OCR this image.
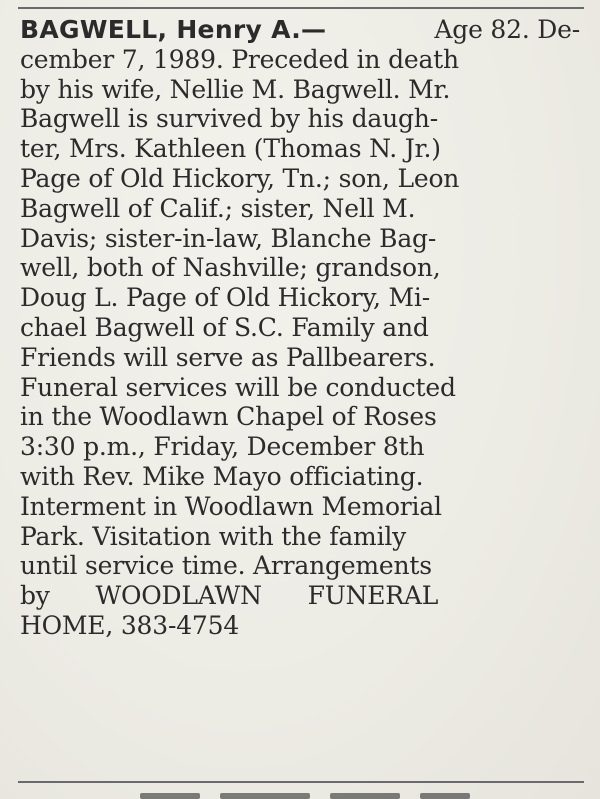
BAGWELL, Henry A.—	Age 82. De-
cember 7, 1989. Preceded in death
by his wife, Nellie M. Bagwell. Mr.
Bagwell is survived by his daugh-
ter, Mrs. Kathleen (Thomas N. Jr.)
Page of Old Hickory, Tn.; son, Leon
Bagwell of Calif.; sister, Nell M.
Davis; sister-in-law, Blanche Bag-
well, both of Nashville; grandson,
Doug L. Page of Old Hickory, Mi-
chael Bagwell of S.C. Family and
Friends will serve as Pallbearers.
Funeral services will be conducted
in the Woodlawn Chapel of Roses
3:30 p.m., Friday, December 8th
with Rev. Mike Mayo officiating.
Interment in Woodlawn Memorial
Park. Visitation with the family
until service time. Arrangements
by WOODLAWN FUNERAL
HOME, 383-4754
